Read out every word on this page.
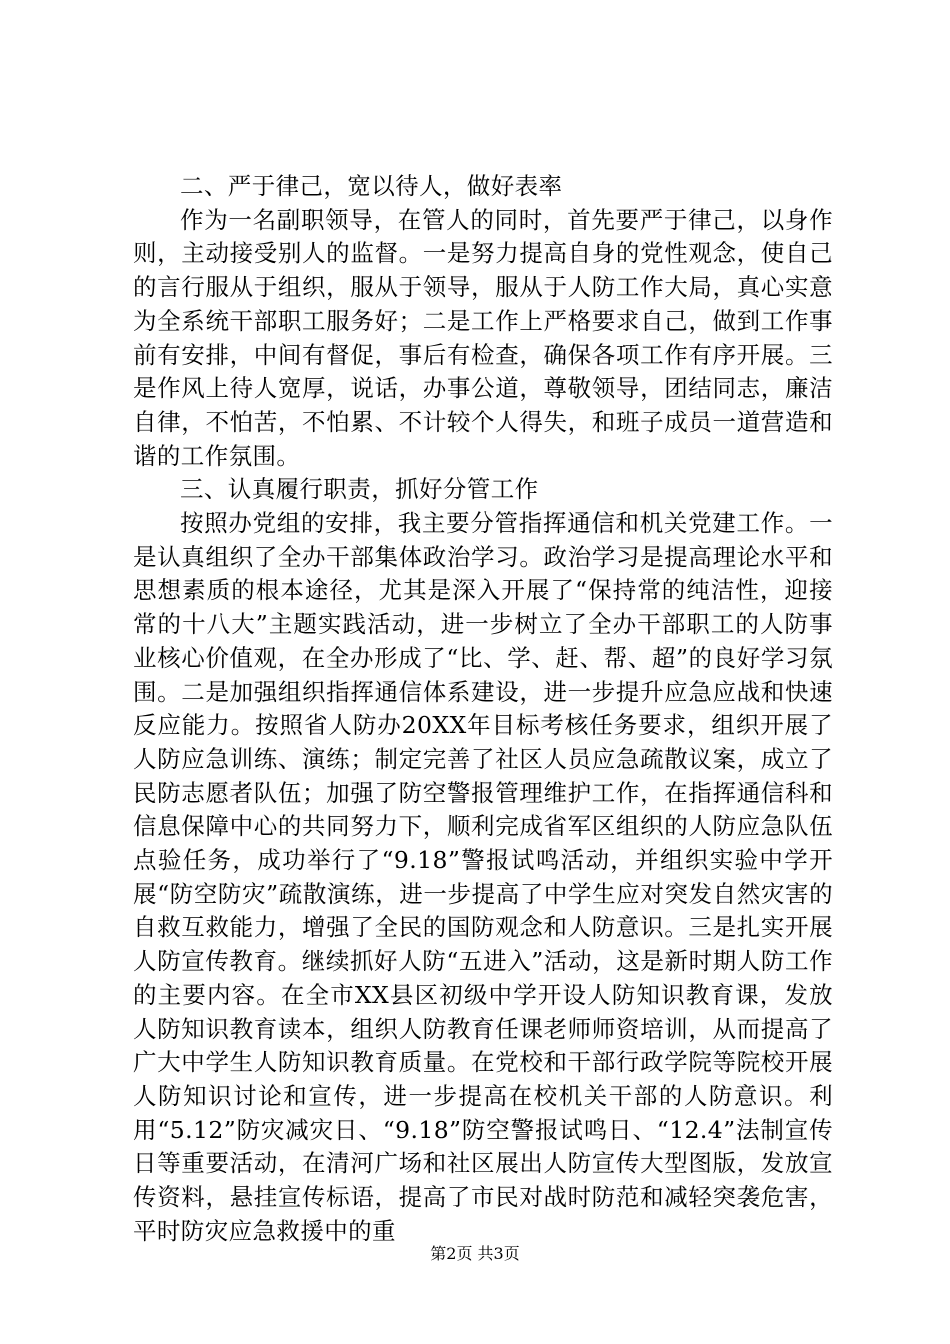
二、严于律己，宽以待人，做好表率

作为一名副职领导，在管人的同时，首先要严于律己，以身作则，主动接受别人的监督。一是努力提高自身的党性观念，使自己的言行服从于组织，服从于领导，服从于人防工作大局，真心实意为全系统干部职工服务好；二是工作上严格要求自己，做到工作事前有安排，中间有督促，事后有检查，确保各项工作有序开展。三是作风上待人宽厚，说话，办事公道，尊敬领导，团结同志，廉洁自律，不怕苦，不怕累、不计较个人得失，和班子成员一道营造和谐的工作氛围。

三、认真履行职责，抓好分管工作

按照办党组的安排，我主要分管指挥通信和机关党建工作。一是认真组织了全办干部集体政治学习。政治学习是提高理论水平和思想素质的根本途径，尤其是深入开展了“保持常的纯洁性，迎接常的十八大”主题实践活动，进一步树立了全办干部职工的人防事业核心价值观，在全办形成了“比、学、赶、帮、超”的良好学习氛围。二是加强组织指挥通信体系建设，进一步提升应急应战和快速反应能力。按照省人防办20XX年目标考核任务要求，组织开展了人防应急训练、演练；制定完善了社区人员应急疏散议案，成立了民防志愿者队伍；加强了防空警报管理维护工作，在指挥通信科和信息保障中心的共同努力下，顺利完成省军区组织的人防应急队伍点验任务，成功举行了“9.18”警报试鸣活动，并组织实验中学开展“防空防灾”疏散演练，进一步提高了中学生应对突发自然灾害的自救互救能力，增强了全民的国防观念和人防意识。三是扎实开展人防宣传教育。继续抓好人防“五进入”活动，这是新时期人防工作的主要内容。在全市XX县区初级中学开设人防知识教育课，发放人防知识教育读本，组织人防教育任课老师师资培训，从而提高了广大中学生人防知识教育质量。在党校和干部行政学院等院校开展人防知识讨论和宣传，进一步提高在校机关干部的人防意识。利用“5.12”防灾减灾日、“9.18”防空警报试鸣日、“12.4”法制宣传日等重要活动，在清河广场和社区展出人防宣传大型图版，发放宣传资料，悬挂宣传标语，提高了市民对战时防范和减轻突袭危害，平时防灾应急救援中的重

第2页 共3页
